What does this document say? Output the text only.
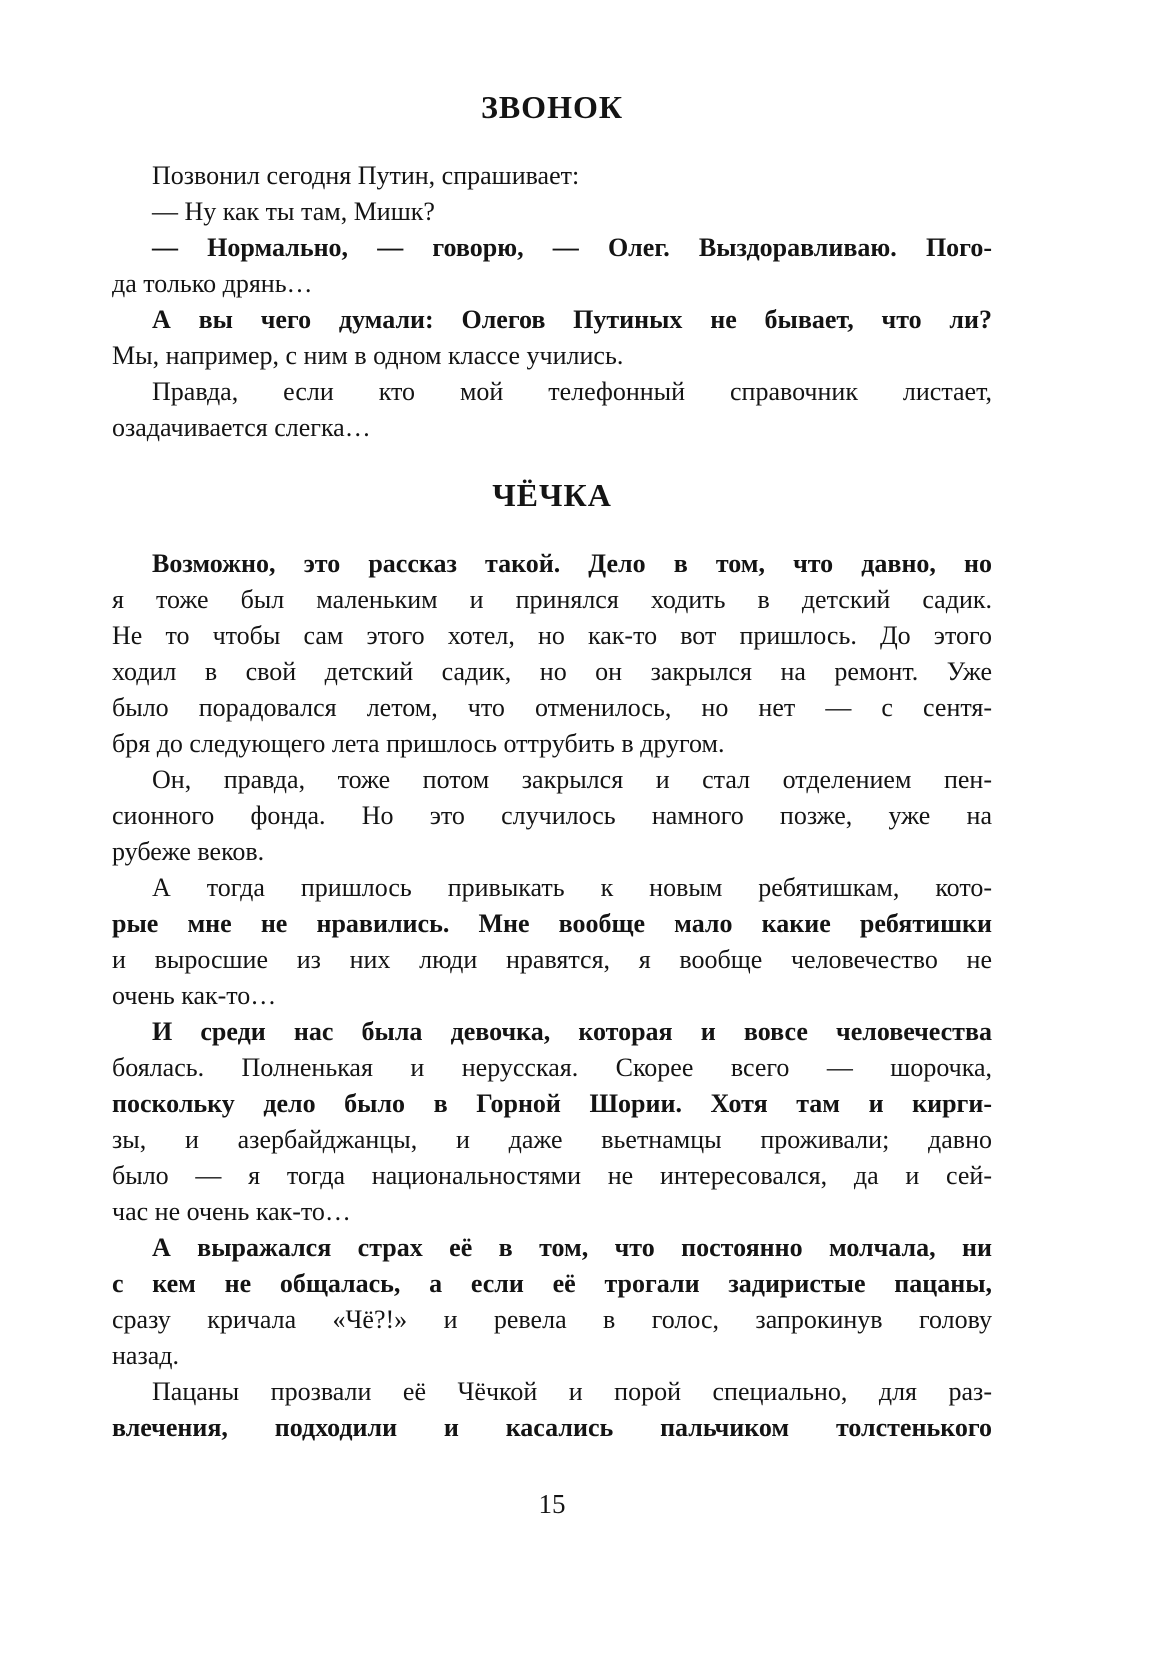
ЗВОНОК
Позвонил сегодня Путин, спрашивает:
— Ну как ты там, Мишк?
— Нормально, — говорю, — Олег. Выздоравливаю. Пого-
да только дрянь…
А вы чего думали: Олегов Путиных не бывает, что ли?
Мы, например, с ним в одном классе учились.
Правда, если кто мой телефонный справочник листает,
озадачивается слегка…
ЧЁЧКА
Возможно, это рассказ такой. Дело в том, что давно, но
я тоже был маленьким и принялся ходить в детский садик.
Не то чтобы сам этого хотел, но как-то вот пришлось. До этого
ходил в свой детский садик, но он закрылся на ремонт. Уже
было порадовался летом, что отменилось, но нет — с сентя-
бря до следующего лета пришлось оттрубить в другом.
Он, правда, тоже потом закрылся и стал отделением пен-
сионного фонда. Но это случилось намного позже, уже на
рубеже веков.
А тогда пришлось привыкать к новым ребятишкам, кото-
рые мне не нравились. Мне вообще мало какие ребятишки
и выросшие из них люди нравятся, я вообще человечество не
очень как-то…
И среди нас была девочка, которая и вовсе человечества
боялась. Полненькая и нерусская. Скорее всего — шорочка,
поскольку дело было в Горной Шории. Хотя там и кирги-
зы, и азербайджанцы, и даже вьетнамцы проживали; давно
было — я тогда национальностями не интересовался, да и сей-
час не очень как-то…
А выражался страх её в том, что постоянно молчала, ни
с кем не общалась, а если её трогали задиристые пацаны,
сразу кричала «Чё?!» и ревела в голос, запрокинув голову
назад.
Пацаны прозвали её Чёчкой и порой специально, для раз-
влечения, подходили и касались пальчиком толстенького
15
